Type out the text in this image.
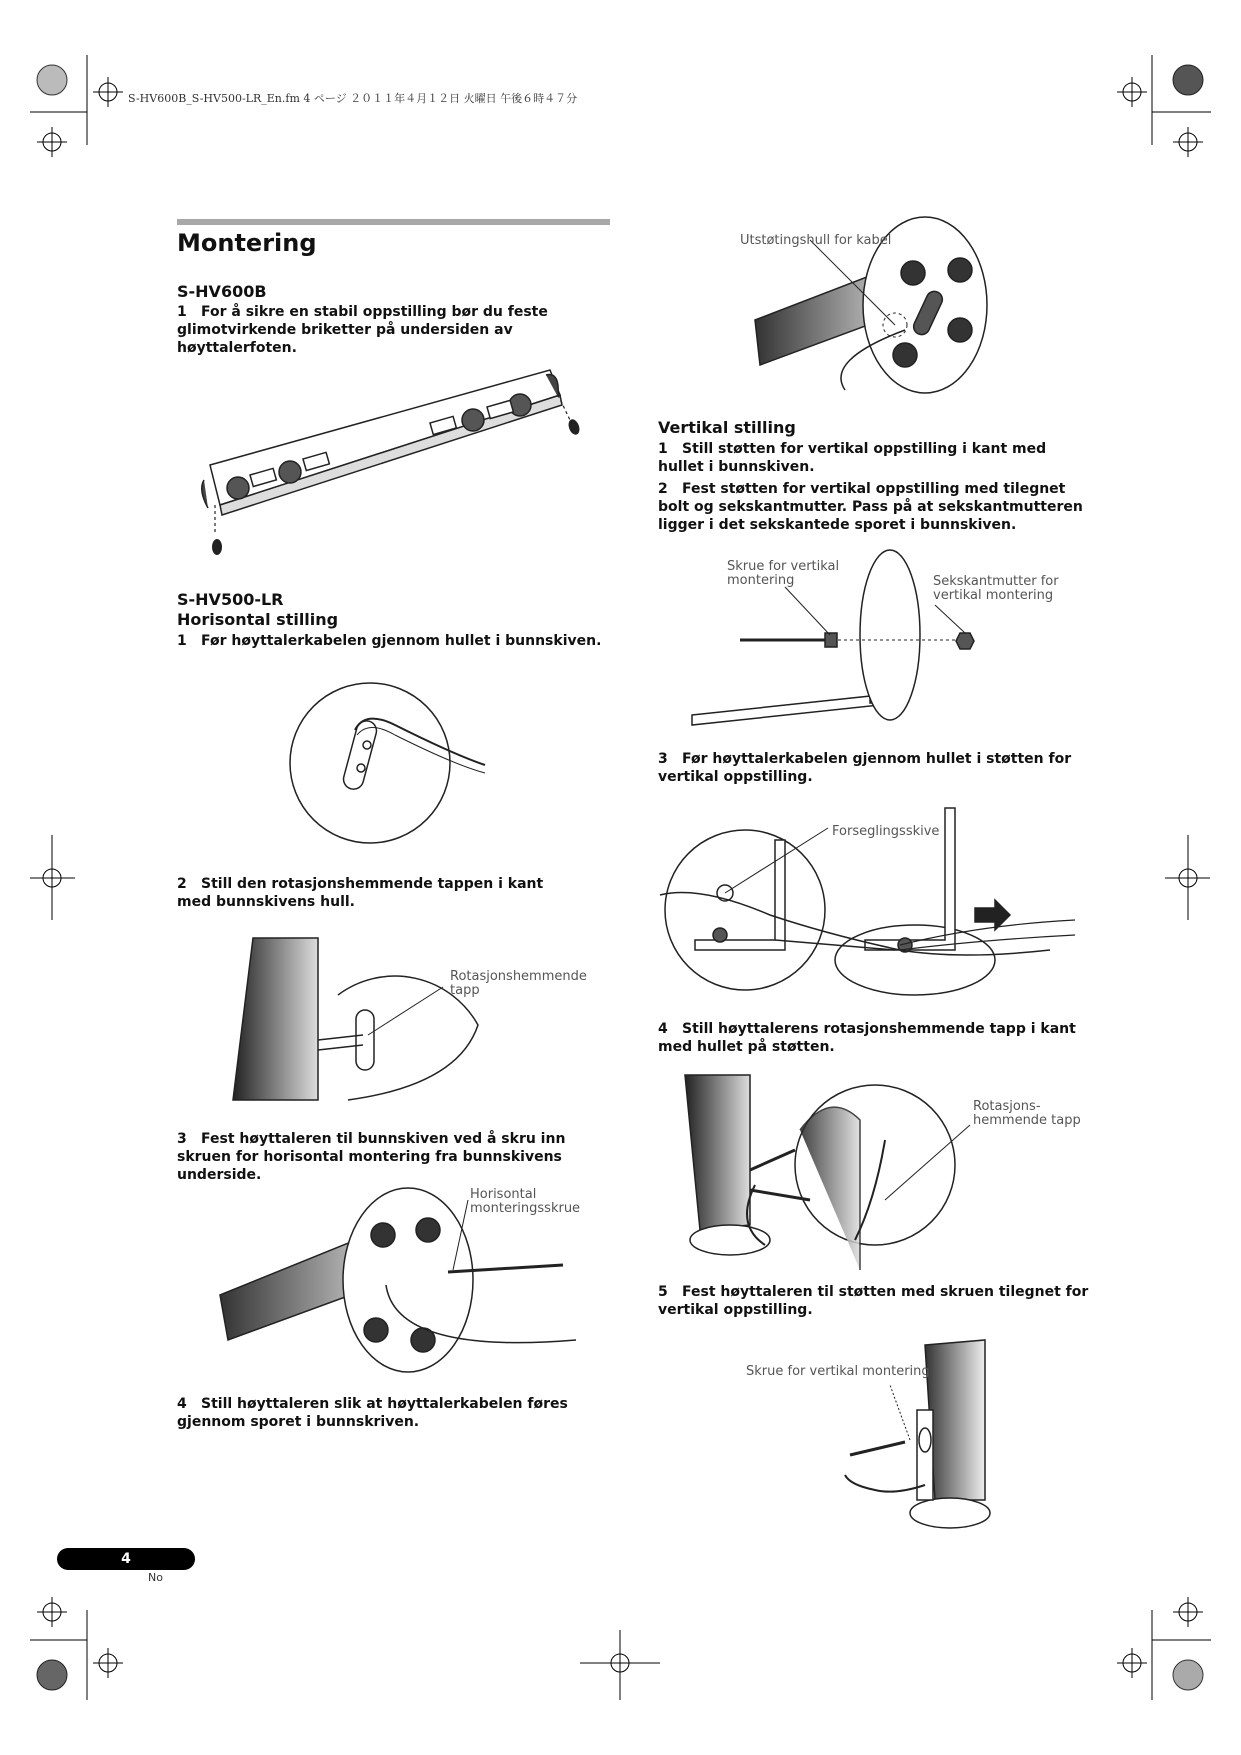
S-HV600B_S-HV500-LR_En.fm 4 ページ ２０１１年４月１２日 火曜日 午後６時４７分
Montering
S-HV600B

1 For å sikre en stabil oppstilling bør du feste glimotvirkende briketter på undersiden av høyttalerfoten.

S-HV500-LR
Horisontal stilling

1 Før høyttalerkabelen gjennom hullet i bunnskiven.

2 Still den rotasjonshemmende tappen i kant med bunnskivens hull.

Rotasjonshemmende
tapp

3 Fest høyttaleren til bunnskiven ved å skru inn skruen for horisontal montering fra bunnskivens underside.

Horisontal
monteringsskrue

4 Still høyttaleren slik at høyttalerkabelen føres gjennom sporet i bunnskriven.

Utstøtingshull for kabel
Vertikal stilling

1 Still støtten for vertikal oppstilling i kant med hullet i bunnskiven.

2 Fest støtten for vertikal oppstilling med tilegnet bolt og sekskantmutter. Pass på at sekskantmutteren ligger i det sekskantede sporet i bunnskiven.

Skrue for vertikal
montering	Sekskantmutter for
vertikal montering

3 Før høyttalerkabelen gjennom hullet i støtten for vertikal oppstilling.

Forseglingsskive

4 Still høyttalerens rotasjonshemmende tapp i kant med hullet på støtten.

Rotasjons-
hemmende tapp

5 Fest høyttaleren til støtten med skruen tilegnet for vertikal oppstilling.

Skrue for vertikal montering
4
No
